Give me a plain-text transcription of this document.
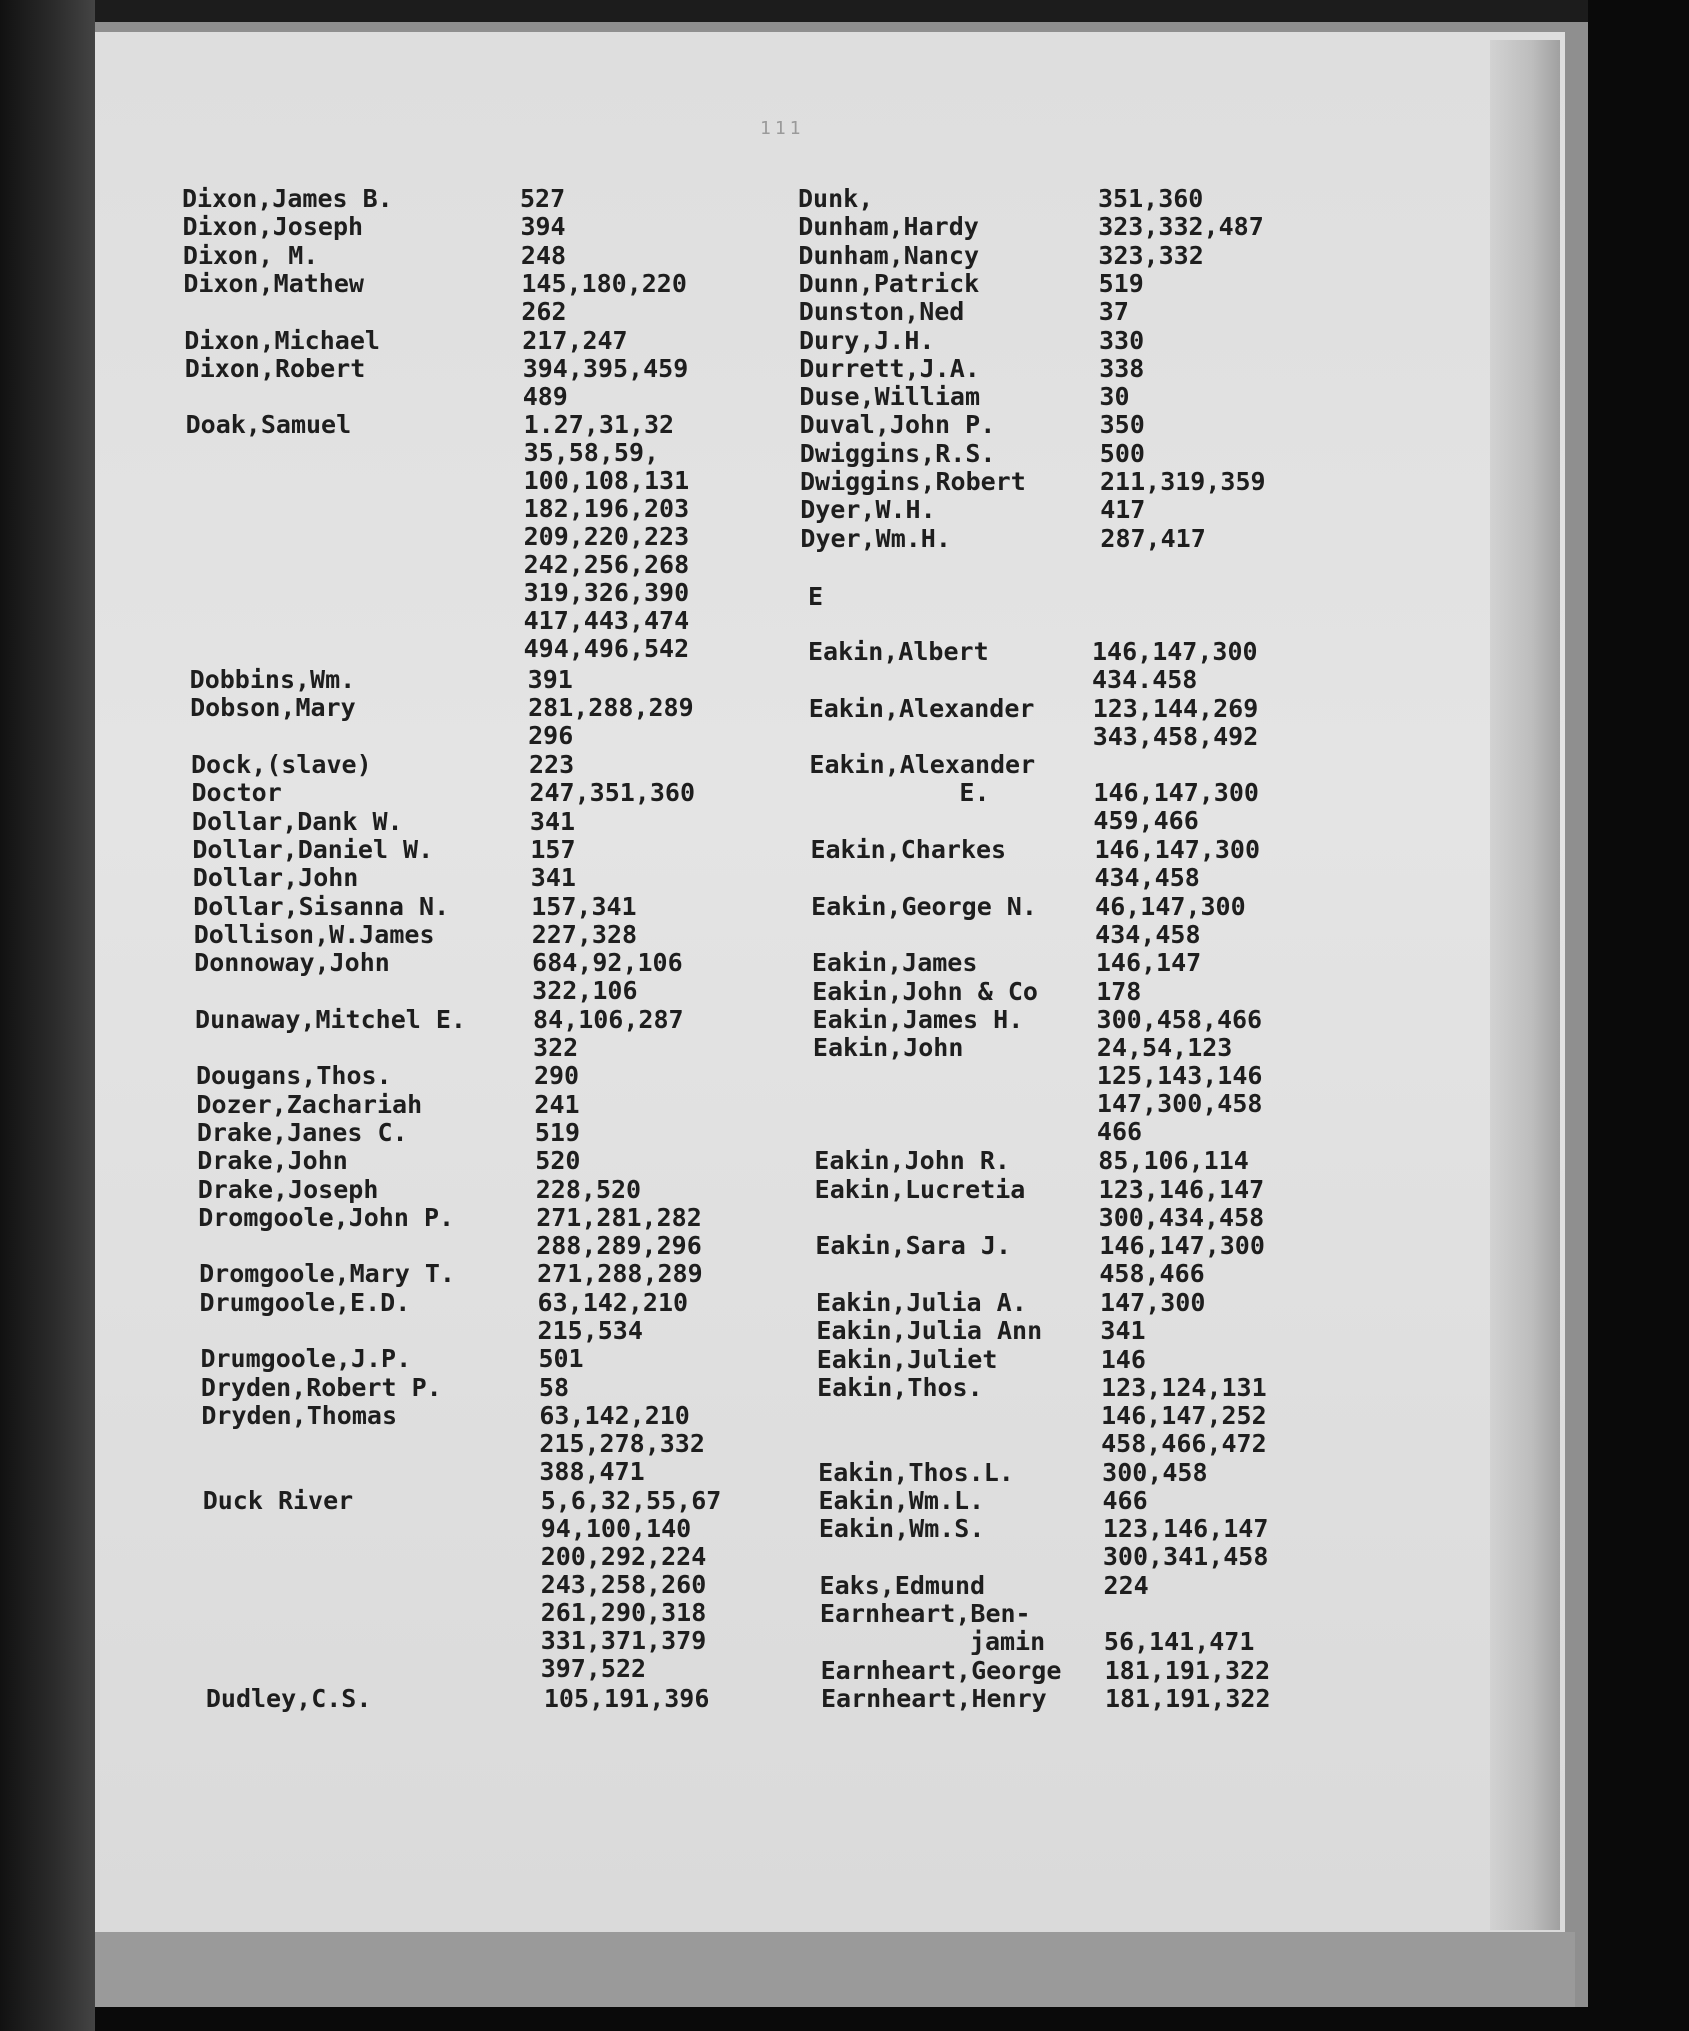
111
Dixon,James B.	527
Dixon,Joseph	394
Dixon, M.	248
Dixon,Mathew	145,180,220
262
Dixon,Michael	217,247
Dixon,Robert	394,395,459
489
Doak,Samuel	1.27,31,32
35,58,59,
100,108,131
182,196,203
209,220,223
242,256,268
319,326,390
417,443,474
494,496,542
Dobbins,Wm.	391
Dobson,Mary	281,288,289
296
Dock,(slave)	223
Doctor	247,351,360
Dollar,Dank W.	341
Dollar,Daniel W.	157
Dollar,John	341
Dollar,Sisanna N.	157,341
Dollison,W.James	227,328
Donnoway,John	684,92,106
322,106
Dunaway,Mitchel E.	84,106,287
322
Dougans,Thos.	290
Dozer,Zachariah	241
Drake,Janes C.	519
Drake,John	520
Drake,Joseph	228,520
Dromgoole,John P.	271,281,282
288,289,296
Dromgoole,Mary T.	271,288,289
Drumgoole,E.D.	63,142,210
215,534
Drumgoole,J.P.	501
Dryden,Robert P.	58
Dryden,Thomas	63,142,210
215,278,332
388,471
Duck River	5,6,32,55,67
94,100,140
200,292,224
243,258,260
261,290,318
331,371,379
397,522
Dudley,C.S.	105,191,396
Dunk,	351,360
Dunham,Hardy	323,332,487
Dunham,Nancy	323,332
Dunn,Patrick	519
Dunston,Ned	37
Dury,J.H.	330
Durrett,J.A.	338
Duse,William	30
Duval,John P.	350
Dwiggins,R.S.	500
Dwiggins,Robert	211,319,359
Dyer,W.H.	417
Dyer,Wm.H.	287,417
E
Eakin,Albert	146,147,300
434.458
Eakin,Alexander 123,144,269
343,458,492
Eakin,Alexander
E.	146,147,300
459,466
Eakin,Charkes	146,147,300
434,458
Eakin,George N. 46,147,300
434,458
Eakin,James	146,147
Eakin,John & Co 178
Eakin,James H.	300,458,466
Eakin,John	24,54,123
125,143,146
147,300,458
466
Eakin,John R.	85,106,114
Eakin,Lucretia	123,146,147
300,434,458
Eakin,Sara J.	146,147,300
458,466
Eakin,Julia A.	147,300
Eakin,Julia Ann 341
Eakin,Juliet	146
Eakin,Thos.	123,124,131
146,147,252
458,466,472
Eakin,Thos.L.	300,458
Eakin,Wm.L.	466
Eakin,Wm.S.	123,146,147
300,341,458
Eaks,Edmund	224
Earnheart,Ben-
jamin 56,141,471
Earnheart,George 181,191,322
Earnheart,Henry 181,191,322
